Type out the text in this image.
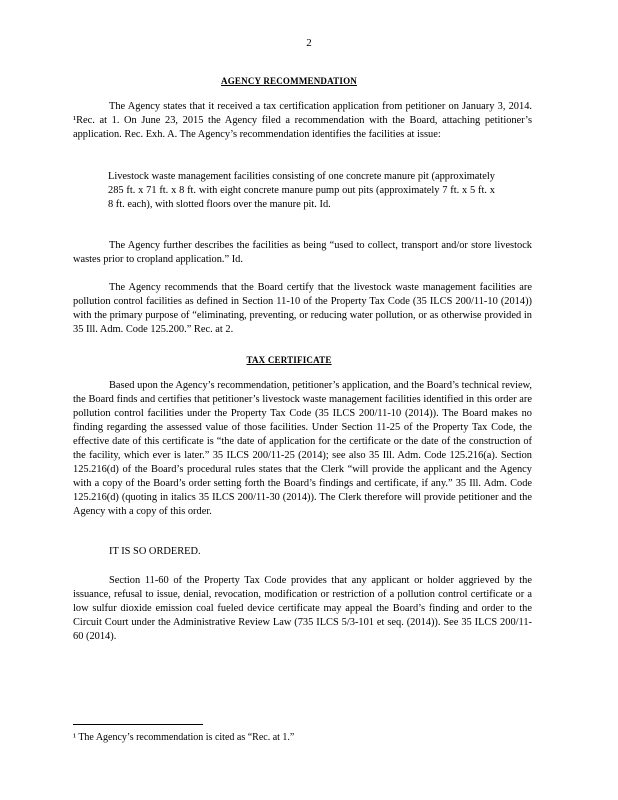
2
AGENCY RECOMMENDATION
The Agency states that it received a tax certification application from petitioner on January 3, 2014. ¹Rec. at 1. On June 23, 2015 the Agency filed a recommendation with the Board, attaching petitioner’s application. Rec. Exh. A. The Agency’s recommendation identifies the facilities at issue:
Livestock waste management facilities consisting of one concrete manure pit (approximately 285 ft. x 71 ft. x 8 ft. with eight concrete manure pump out pits (approximately 7 ft. x 5 ft. x 8 ft. each), with slotted floors over the manure pit. Id.
The Agency further describes the facilities as being “used to collect, transport and/or store livestock wastes prior to cropland application.” Id.
The Agency recommends that the Board certify that the livestock waste management facilities are pollution control facilities as defined in Section 11-10 of the Property Tax Code (35 ILCS 200/11-10 (2014)) with the primary purpose of “eliminating, preventing, or reducing water pollution, or as otherwise provided in 35 Ill. Adm. Code 125.200.” Rec. at 2.
TAX CERTIFICATE
Based upon the Agency’s recommendation, petitioner’s application, and the Board’s technical review, the Board finds and certifies that petitioner’s livestock waste management facilities identified in this order are pollution control facilities under the Property Tax Code (35 ILCS 200/11-10 (2014)). The Board makes no finding regarding the assessed value of those facilities. Under Section 11-25 of the Property Tax Code, the effective date of this certificate is “the date of application for the certificate or the date of the construction of the facility, which ever is later.” 35 ILCS 200/11-25 (2014); see also 35 Ill. Adm. Code 125.216(a). Section 125.216(d) of the Board’s procedural rules states that the Clerk “will provide the applicant and the Agency with a copy of the Board’s order setting forth the Board’s findings and certificate, if any.” 35 Ill. Adm. Code 125.216(d) (quoting in italics 35 ILCS 200/11-30 (2014)). The Clerk therefore will provide petitioner and the Agency with a copy of this order.
IT IS SO ORDERED.
Section 11-60 of the Property Tax Code provides that any applicant or holder aggrieved by the issuance, refusal to issue, denial, revocation, modification or restriction of a pollution control certificate or a low sulfur dioxide emission coal fueled device certificate may appeal the Board’s finding and order to the Circuit Court under the Administrative Review Law (735 ILCS 5/3-101 et seq. (2014)). See 35 ILCS 200/11-60 (2014).
¹ The Agency’s recommendation is cited as “Rec. at 1.”
